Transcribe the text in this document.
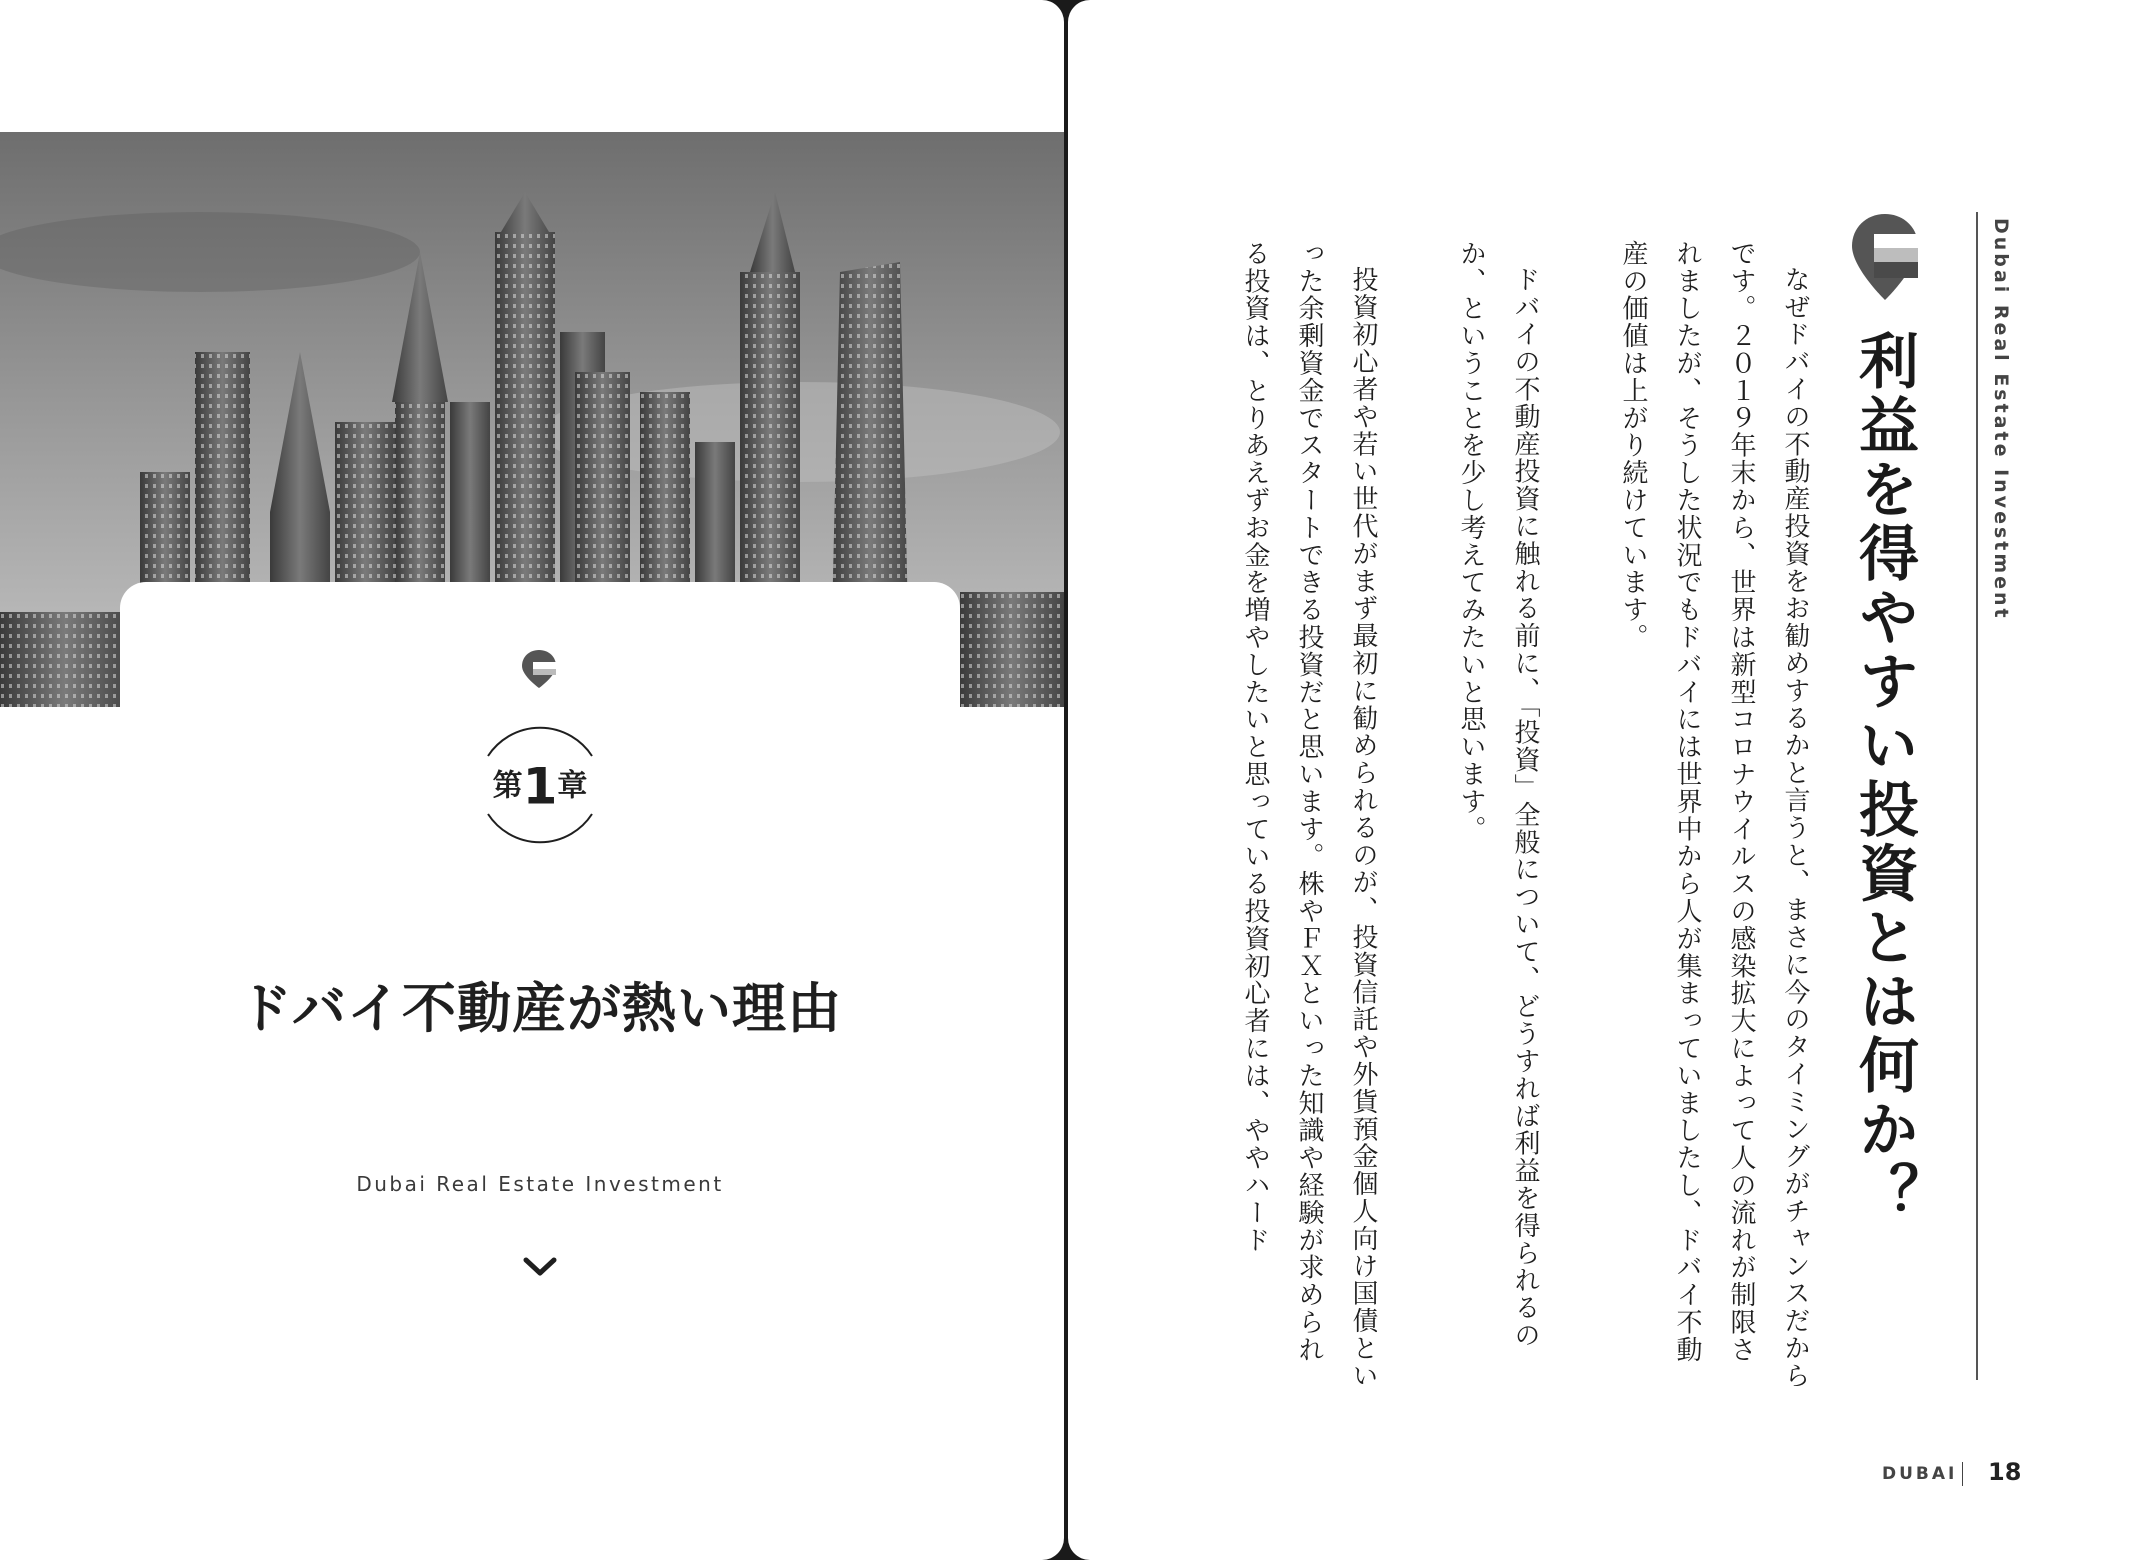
第1章
ドバイ不動産が熱い理由
Dubai Real Estate Investment
Dubai Real Estate Investment
利益を得やすい投資とは何か？

なぜドバイの不動産投資をお勧めするかと言うと、まさに今のタイミングがチャンスだからです。２０１９年末から、世界は新型コロナウイルスの感染拡大によって人の流れが制限されましたが、そうした状況でもドバイには世界中から人が集まっていましたし、ドバイ不動産の価値は上がり続けています。

ドバイの不動産投資に触れる前に、「投資」全般について、どうすれば利益を得られるのか、ということを少し考えてみたいと思います。

投資初心者や若い世代がまず最初に勧められるのが、投資信託や外貨預金個人向け国債といった余剰資金でスタートできる投資だと思います。株やＦＸといった知識や経験が求められる投資は、とりあえずお金を増やしたいと思っている投資初心者には、ややハード

DUBAI 18
